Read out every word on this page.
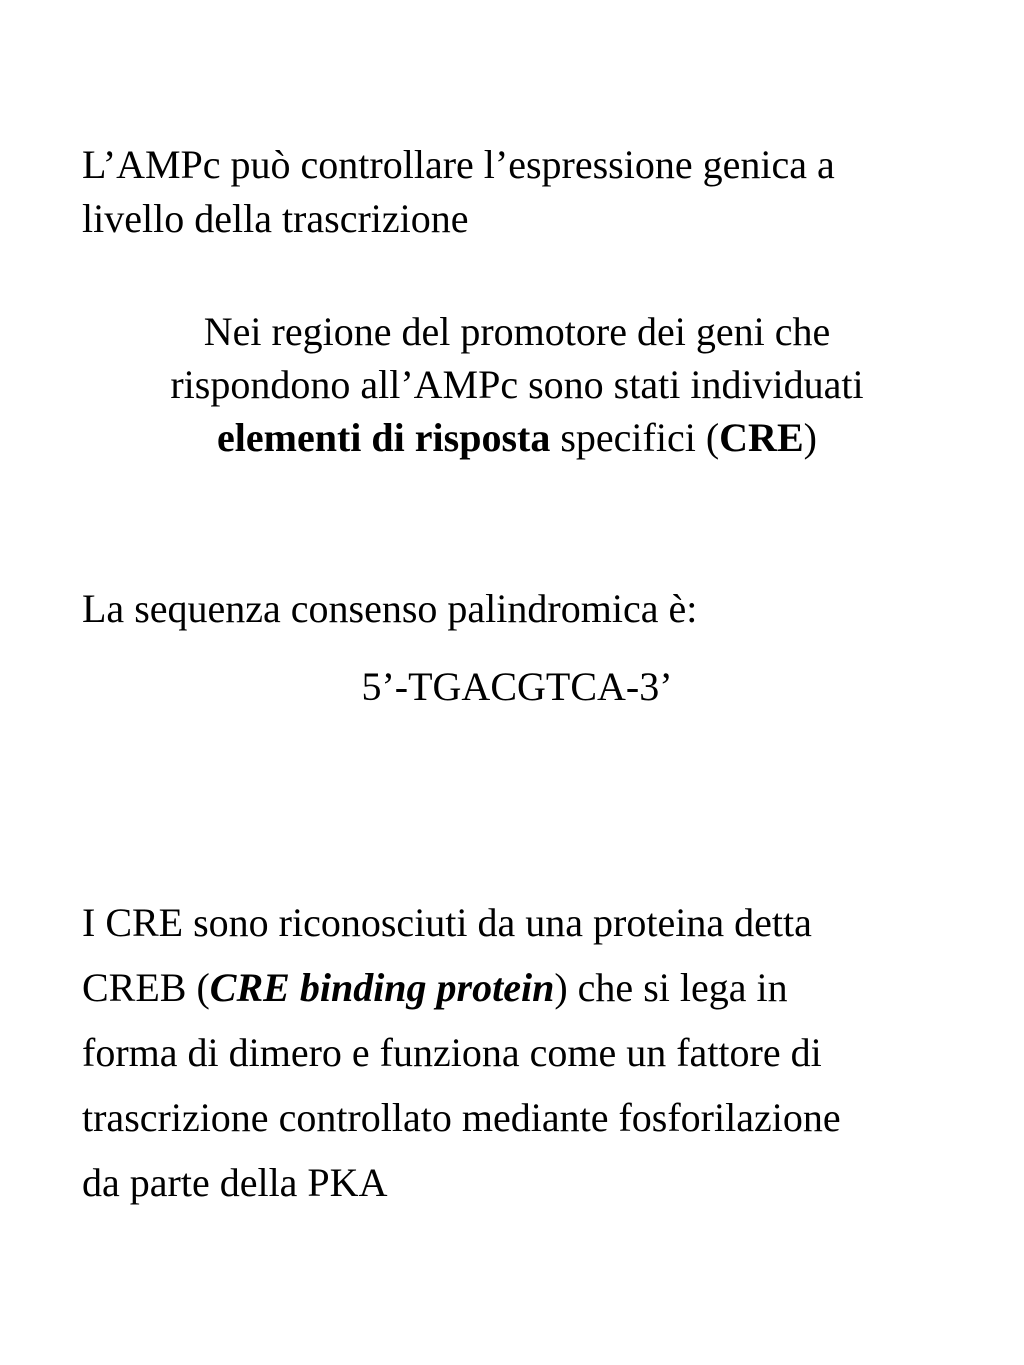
L’AMPc può controllare l’espressione genica a
livello della trascrizione
Nei regione del promotore dei geni che
rispondono all’AMPc sono stati individuati
elementi di risposta specifici (CRE)
La sequenza consenso palindromica è:
5’-TGACGTCA-3’
I CRE sono riconosciuti da una proteina detta
CREB (CRE binding protein) che si lega in
forma di dimero e funziona come un fattore di
trascrizione controllato mediante fosforilazione
da parte della PKA
